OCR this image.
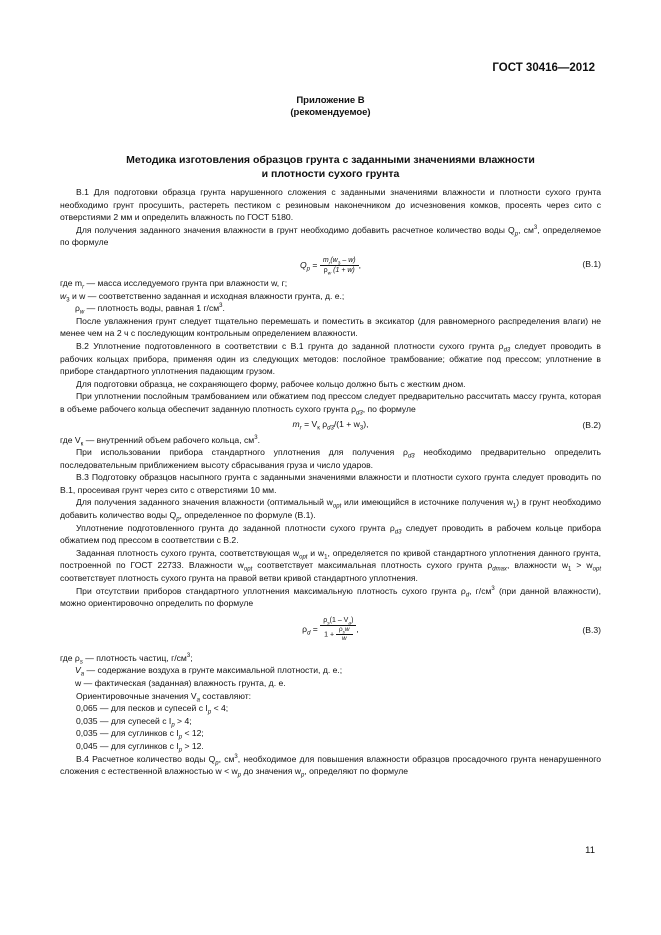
ГОСТ 30416—2012
Приложение В
(рекомендуемое)
Методика изготовления образцов грунта с заданными значениями влажности
и плотности сухого грунта

В.1 Для подготовки образца грунта нарушенного сложения с заданными значениями влажности и плотности сухого грунта необходимо грунт просушить, растереть пестиком с резиновым наконечником до исчезновения комков, просеять через сито с отверстиями 2 мм и определить влажность по ГОСТ 5180.

Для получения заданного значения влажности в грунт необходимо добавить расчетное количество воды $Q_p$, $см^3$, определяемое по формуле

$Q_p = \frac{m_r(w_3 - w)}{\rho_w (1 + w)}$ ,	(В.1)

где $m_r$ — масса исследуемого грунта при влажности w, г;

$w_3$ и w — соответственно заданная и исходная влажности грунта, д. е.;

$\rho_w$ — плотность воды, равная 1 $г/см^3$.

После увлажнения грунт следует тщательно перемешать и поместить в эксикатор (для равномерного распределения влаги) не менее чем на 2 ч с последующим контрольным определением влажности.

В.2 Уплотнение подготовленного в соответствии с В.1 грунта до заданной плотности сухого грунта $\rho_{d3}$ следует проводить в рабочих кольцах прибора, применяя один из следующих методов: послойное трамбование; обжатие под прессом; уплотнение в приборе стандартного уплотнения падающим грузом.

Для подготовки образца, не сохраняющего форму, рабочее кольцо должно быть с жестким дном.

При уплотнении послойным трамбованием или обжатием под прессом следует предварительно рассчитать массу грунта, которая в объеме рабочего кольца обеспечит заданную плотность сухого грунта $\rho_{d3}$, по формуле

$m_r = V_к$ $\rho_{d3}/(1 + w_3)$,	(В.2)

где $V_к$ — внутренний объем рабочего кольца, $см^3$.

При использовании прибора стандартного уплотнения для получения $\rho_{d3}$ необходимо предварительно определить последовательным приближением высоту сбрасывания груза и число ударов.

В.3 Подготовку образцов насыпного грунта с заданными значениями влажности и плотности сухого грунта следует проводить по В.1, просеивая грунт через сито с отверстиями 10 мм.

Для получения заданного значения влажности (оптимальный $w_{opt}$ или имеющийся в источнике получения $w_1$) в грунт необходимо добавить количество воды $Q_p$, определенное по формуле (В.1).

Уплотнение подготовленного грунта до заданной плотности сухого грунта $\rho_{d3}$ следует проводить в рабочем кольце прибора обжатием под прессом в соответствии с В.2.

Заданная плотность сухого грунта, соответствующая $w_{opt}$ и $w_1$, определяется по кривой стандартного уплотнения данного грунта, построенной по ГОСТ 22733. Влажности $w_{opt}$ соответствует максимальная плотность сухого грунта $\rho_{dmax}$, влажности $w_1 > w_{opt}$ соответствует плотность сухого грунта на правой ветви кривой стандартного уплотнения.

При отсутствии приборов стандартного уплотнения максимальную плотность сухого грунта $\rho_d$, $г/см^3$ (при данной влажности), можно ориентировочно определить по формуле

$\rho_d = \frac{\rho_s(1 - V_a)}{1 + \frac{\rho_sw}{w}}$ ,	(В.3)

где $\rho_s$ — плотность частиц, $г/см^3$;

$V_a$ — содержание воздуха в грунте максимальной плотности, д. е.;

w — фактическая (заданная) влажность грунта, д. е.

Ориентировочные значения $V_a$ составляют:

0,065 — для песков и супесей с $I_p < 4$;

0,035 — для супесей с $I_p > 4$;

0,035 — для суглинков с $I_p < 12$;

0,045 — для суглинков с $I_p > 12$.

В.4 Расчетное количество воды $Q_p$, $см^3$, необходимое для повышения влажности образцов просадочного грунта ненарушенного сложения с естественной влажностью $w < w_p$ до значения $w_p$, определяют по формуле

11
